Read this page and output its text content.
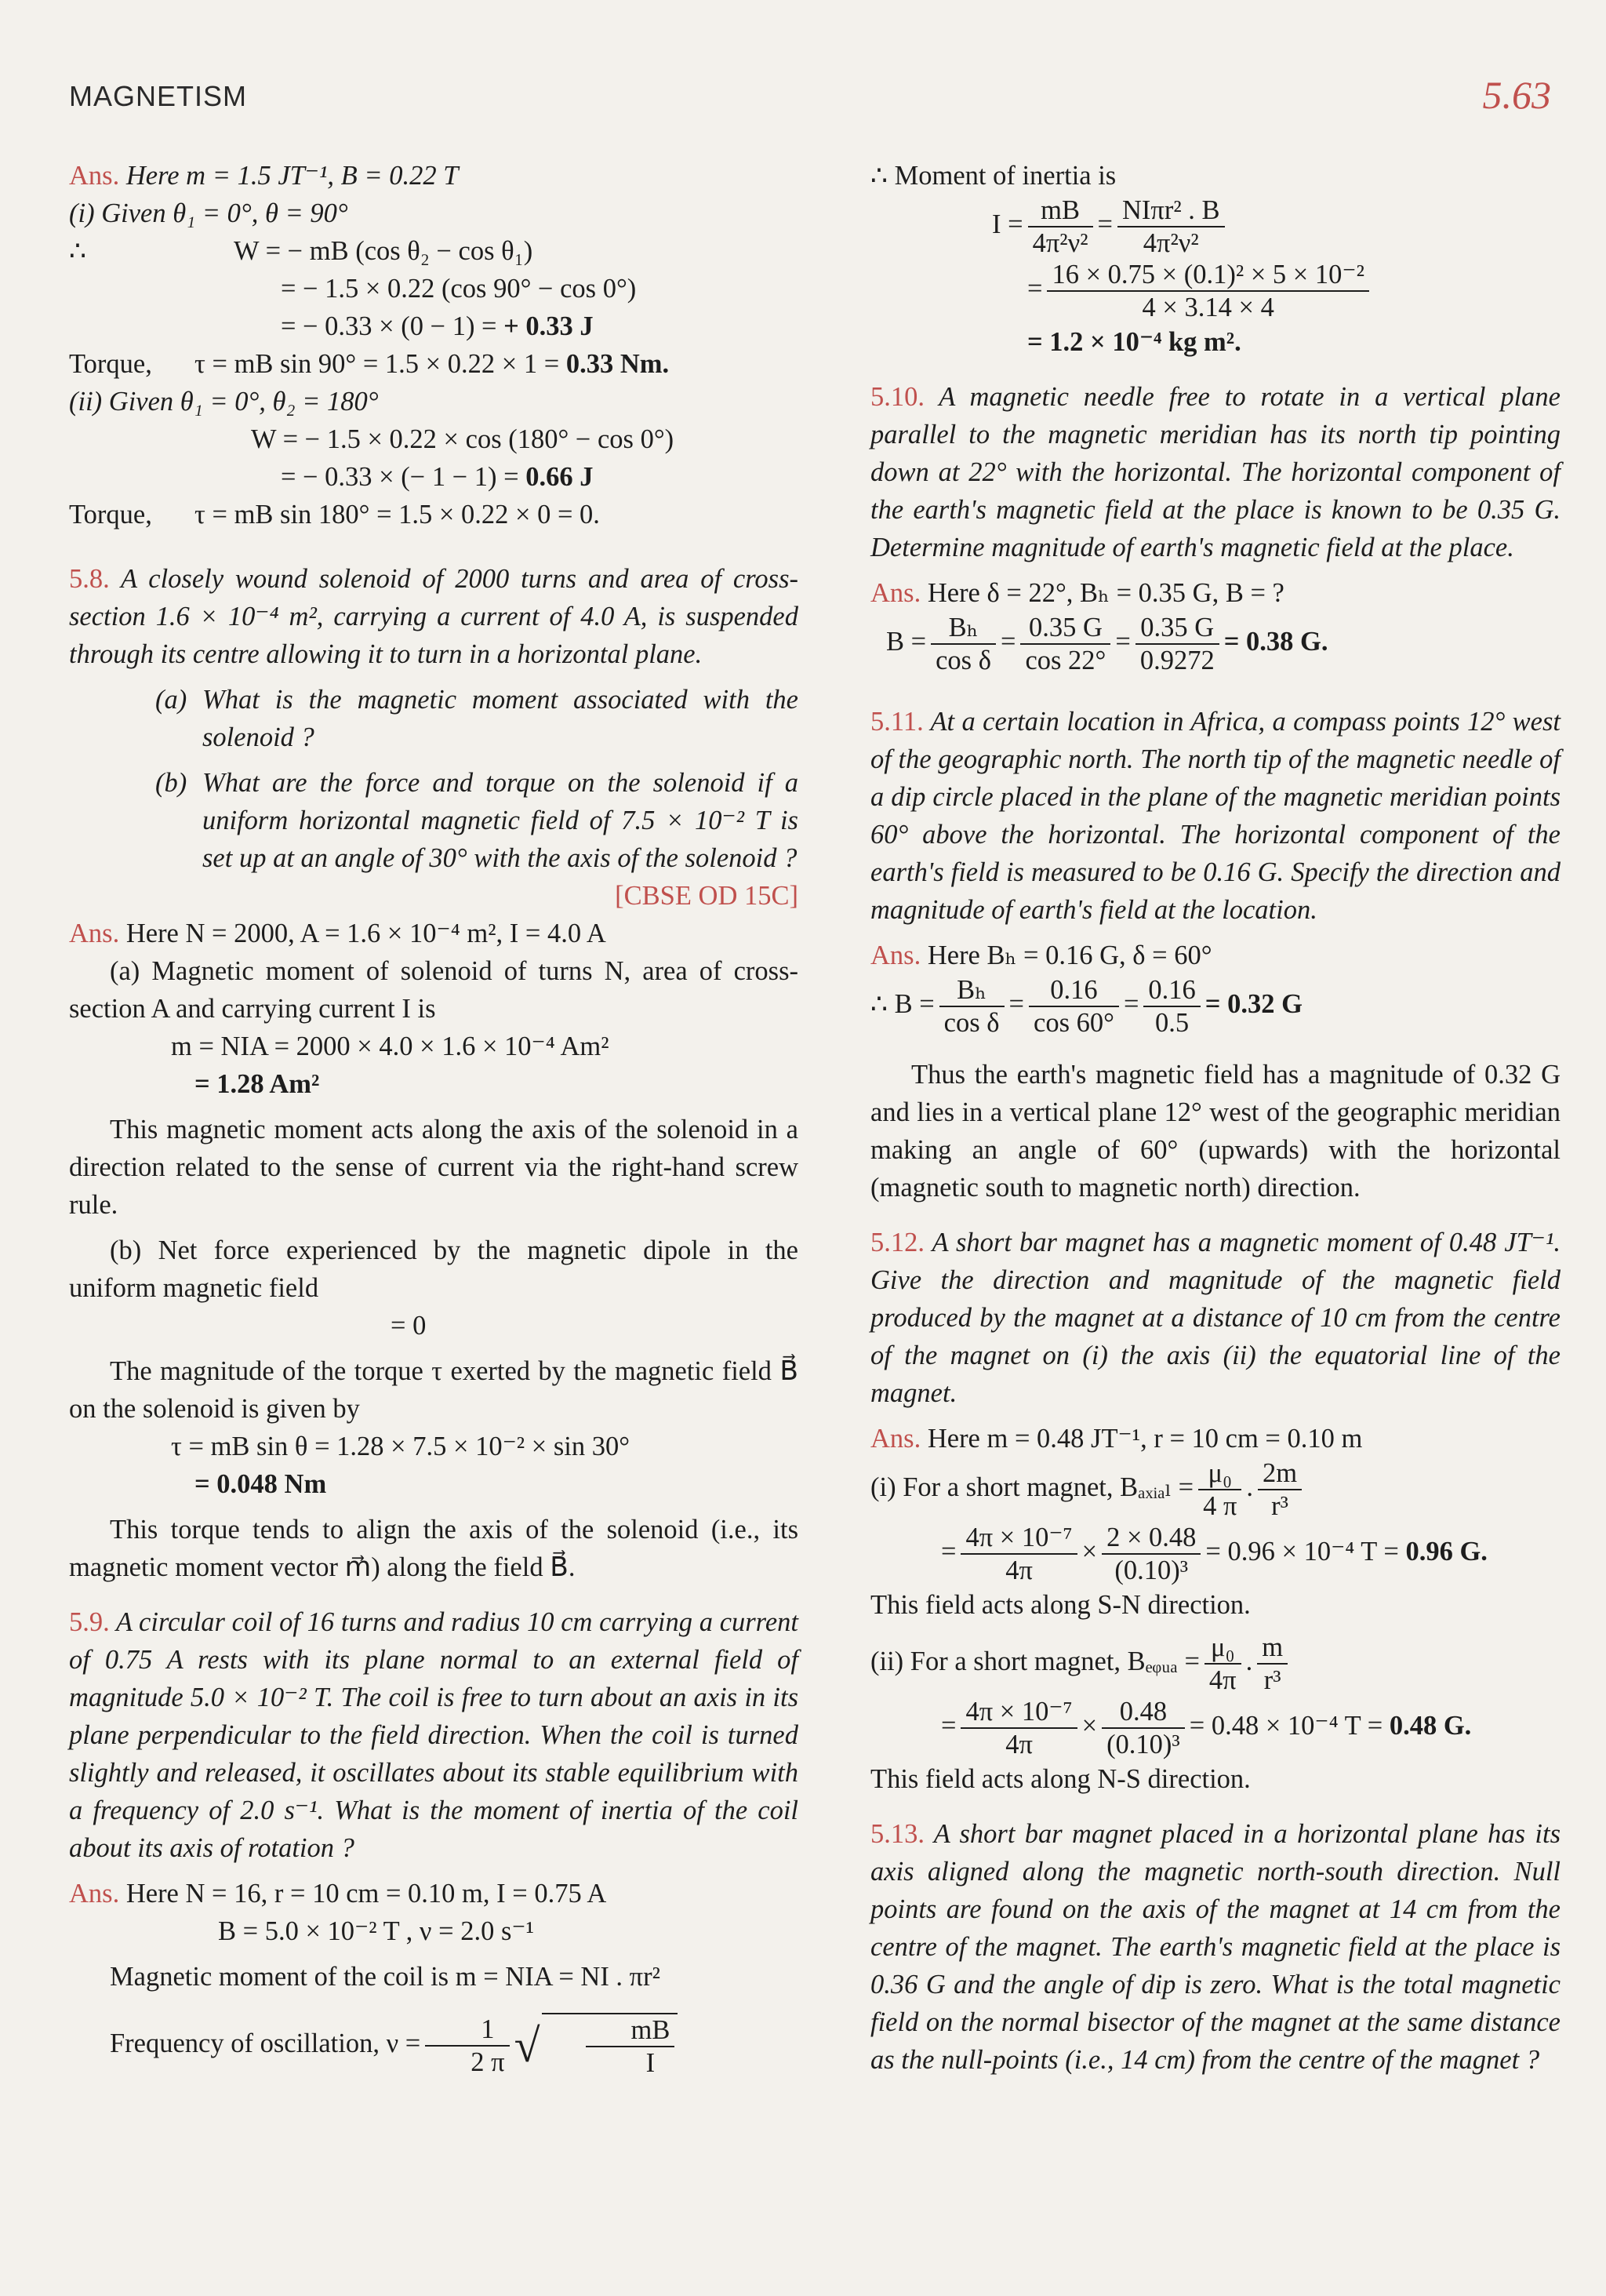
MAGNETISM	5.63
Ans. Here m = 1.5 JT⁻¹, B = 0.22 T
(i) Given θ₁ = 0°, θ = 90°
∴	W = − mB (cos θ₂ − cos θ₁)
= − 1.5 × 0.22 (cos 90° − cos 0°)
= − 0.33 × (0 − 1) = + 0.33 J
Torque, τ = mB sin 90° = 1.5 × 0.22 × 1 = 0.33 Nm.
(ii) Given θ₁ = 0°, θ₂ = 180°
W = − 1.5 × 0.22 × cos (180° − cos 0°)
= − 0.33 × (− 1 − 1) = 0.66 J
Torque, τ = mB sin 180° = 1.5 × 0.22 × 0 = 0.
5.8. A closely wound solenoid of 2000 turns and area of cross-section 1.6 × 10⁻⁴ m², carrying a current of 4.0 A, is suspended through its centre allowing it to turn in a horizontal plane.
(a) What is the magnetic moment associated with the solenoid ?
(b) What are the force and torque on the solenoid if a uniform horizontal magnetic field of 7.5 × 10⁻² T is set up at an angle of 30° with the axis of the solenoid ?
[CBSE OD 15C]
Ans. Here N = 2000, A = 1.6 × 10⁻⁴ m², I = 4.0 A
(a) Magnetic moment of solenoid of turns N, area of cross-section A and carrying current I is
m = NIA = 2000 × 4.0 × 1.6 × 10⁻⁴ Am²
= 1.28 Am²
This magnetic moment acts along the axis of the solenoid in a direction related to the sense of current via the right-hand screw rule.
(b) Net force experienced by the magnetic dipole in the uniform magnetic field
= 0
The magnitude of the torque τ exerted by the magnetic field B⃗ on the solenoid is given by
τ = mB sin θ = 1.28 × 7.5 × 10⁻² × sin 30°
= 0.048 Nm
This torque tends to align the axis of the solenoid (i.e., its magnetic moment vector m⃗) along the field B⃗.
5.9. A circular coil of 16 turns and radius 10 cm carrying a current of 0.75 A rests with its plane normal to an external field of magnitude 5.0 × 10⁻² T. The coil is free to turn about an axis in its plane perpendicular to the field direction. When the coil is turned slightly and released, it oscillates about its stable equilibrium with a frequency of 2.0 s⁻¹. What is the moment of inertia of the coil about its axis of rotation ?
Ans. Here N = 16, r = 10 cm = 0.10 m, I = 0.75 A
B = 5.0 × 10⁻² T , ν = 2.0 s⁻¹
Magnetic moment of the coil is m = NIA = NI . πr²
Frequency of oscillation, $\nu = \frac{1}{2 \pi}$ √ $\frac{mB}{I}$
∴ Moment of inertia is
$I = \frac{mB}{\text{4π²ν²}} = \frac{\text{NIπr² . B}}{\text{4π²ν²}}$
= $\frac{\text{16 × 0.75 × (0.1)² × 5 × 10⁻²}}{4 \times 3.14 \times 4}$
= 1.2 × 10⁻⁴ kg m².
5.10. A magnetic needle free to rotate in a vertical plane parallel to the magnetic meridian has its north tip pointing down at 22° with the horizontal. The horizontal component of the earth's magnetic field at the place is known to be 0.35 G. Determine magnitude of earth's magnetic field at the place.
Ans. Here δ = 22°, Bₕ = 0.35 G, B = ?
$B = \frac{\text{Bₕ}}{\text{cos δ}} = \frac{0.35 G}{\cos 22^\circ} = \frac{0.35 G}{0.9272} = 0.38$ G.
5.11. At a certain location in Africa, a compass points 12° west of the geographic north. The north tip of the magnetic needle of a dip circle placed in the plane of the magnetic meridian points 60° above the horizontal. The horizontal component of the earth's field is measured to be 0.16 G. Specify the direction and magnitude of earth's field at the location.
Ans. Here Bₕ = 0.16 G, δ = 60°
∴ $B = \frac{\text{Bₕ}}{\text{cos δ}} = \frac{0.16}{\cos 60^\circ} = \frac{0.16}{0.5} = 0.32$ G
Thus the earth's magnetic field has a magnitude of 0.32 G and lies in a vertical plane 12° west of the geographic meridian making an angle of 60° (upwards) with the horizontal (magnetic south to magnetic north) direction.
5.12. A short bar magnet has a magnetic moment of 0.48 JT⁻¹. Give the direction and magnitude of the magnetic field produced by the magnet at a distance of 10 cm from the centre of the magnet on (i) the axis (ii) the equatorial line of the magnet.
Ans. Here m = 0.48 JT⁻¹, r = 10 cm = 0.10 m
(i) For a short magnet, Bₐₓᵢₐₗ = $\frac{\text{μ₀}}{4 \pi}$ . $\frac{2m}{\text{r³}}$
= $\frac{\text{4π × 10⁻⁷}}{4\pi} \times \frac{2 \times 0.48}{\text{(0.10)³}} = 0.96 \times 10^{-4}$ T = 0.96 G.
This field acts along S-N direction.
(ii) For a short magnet, Bₑᵩᵤₐ = $\frac{\text{μ₀}}{4\pi}$ . $\frac{m}{\text{r³}}$
= $\frac{\text{4π × 10⁻⁷}}{4\pi} \times \frac{0.48}{\text{(0.10)³}} = 0.48 \times 10^{-4}$ T = 0.48 G.
This field acts along N-S direction.
5.13. A short bar magnet placed in a horizontal plane has its axis aligned along the magnetic north-south direction. Null points are found on the axis of the magnet at 14 cm from the centre of the magnet. The earth's magnetic field at the place is 0.36 G and the angle of dip is zero. What is the total magnetic field on the normal bisector of the magnet at the same distance as the null-points (i.e., 14 cm) from the centre of the magnet ?
